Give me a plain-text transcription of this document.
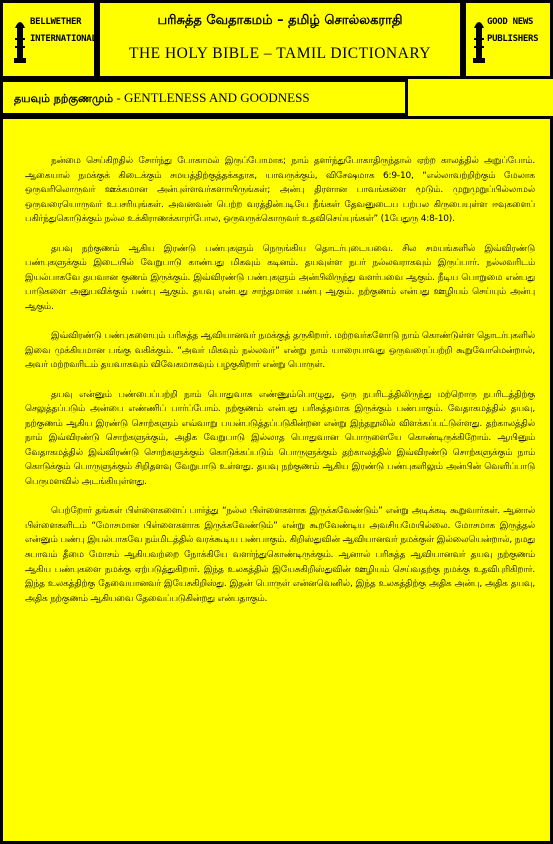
BELLWETHER
INTERNATIONAL
பரிசுத்த வேதாகமம் – தமிழ் சொல்லகராதி
THE HOLY BIBLE – TAMIL DICTIONARY
GOOD NEWS
PUBLISHERS
தயவும் நற்குணமும் - GENTLENESS AND GOODNESS

நன்மை செய்கிறதில் சோர்ந்து போகாமல் இருப்போமாக; நாம் தளர்ந்துபோகாதிருந்தால் ஏற்ற காலத்தில் அறுப்போம். ஆகையால் நமக்குக் கிடைக்கும் சமயத்திற்குத்தக்கதாக, யாவருக்கும், விசேஷமாக 6:9-10, “எல்லாவற்றிற்கும் மேலாக ஒருவரிலொருவர் ஊக்கமான அன்புள்ளவர்களாயிருங்கள்; அன்பு திரளான பாவங்களை மூடும். முறுமுறுப்பில்லாமல் ஒருவரையொருவர் உபசரியுங்கள். அவனவன் பெற்ற வரத்தின்படியே நீங்கள் தேவனுடைய பற்பல கிருபையுள்ள ஈவுகளைப் பகிர்ந்துகொடுக்கும் நல்ல உக்கிராணக்காரர்போல, ஒருவருக்கொருவர் உதவிசெய்யுங்கள்” (1பேதுரு 4:8-10).

தயவு நற்குணம் ஆகிய இரண்டு பண்புகளும் நெருங்கிய தொடர்புடையவை. சில சமயங்களில் இவ்விரண்டு பண்புகளுக்கும் இடையில் வேறுபாடு காண்பது மிகவும் கடினம். தயவுள்ள நபர் நல்லவராகவும் இருப்பார். நல்லவரிடம் இயல்பாகவே தயவான குணம் இருக்கும். இவ்விரண்டு பண்புகளும் அன்பிலிருந்து வளர்பவை ஆகும். நீடிய பொறுமை என்பது பாடுகளை அனுபவிக்கும் பண்பு ஆகும். தயவு என்பது சாந்தமான பண்பு ஆகும். நற்குணம் என்பது ஊழியம் செய்யும் அன்பு ஆகும்.

இவ்விரண்டு பண்புகளையும் பரிசுத்த ஆவியானவர் நமக்குத் தருகிறார். மற்றவர்களோடு நாம் கொண்டுள்ள தொடர்புகளில் இவை முக்கியமான பங்கு வகிக்கும். “அவர் மிகவும் நல்லவர்” என்று நாம் யாரையாவது ஒருவரைப்பற்றி கூறுவோமென்றால், அவர் மற்றவரிடம் தயவாகவும் விவேகமாகவும் பழகுகிறார் என்று பொருள்.

தயவு என்னும் பண்பைப்பற்றி நாம் பொதுவாக எண்ணும்பொழுது, ஒரு நபரிடத்திலிருந்து மற்றொரு நபரிடத்திற்கு செலுத்தப்படும் அன்பை எண்ணிப் பார்ப்போம். நற்குணம் என்பது பரிசுத்தமாக இருக்கும் பண்பாகும். வேதாகமத்தில் தயவு, நற்குணம் ஆகிய இரண்டு சொற்களும் எவ்வாறு பயன்படுத்தப்படுகின்றன என்று இந்தநூலில் விளக்கப்பட்டுள்ளது. தற்காலத்தில் நாம் இவ்விரண்டு சொற்களுக்கும், அதிக வேறுபாடு இல்லாத பொதுவான பொருளையே கொண்டிருக்கிறோம். ஆயினும் வேதாகமத்தில் இவ்விரண்டு சொற்களுக்கும் கொடுக்கப்படும் பொருளுக்கும் தற்காலத்தில் இவ்விரண்டு சொற்களுக்கும் நாம் கொடுக்கும் பொருளுக்கும் சிறிதளவு வேறுபாடு உள்ளது. தயவு நற்குணம் ஆகிய இரண்டு பண்புகளிலும் அன்பின் வெளிப்பாடு பெருமளவில் அடங்கியுள்ளது.

பெற்றோர் தங்கள் பிள்ளைகளைப் பார்த்து “நல்ல பிள்ளைகளாக இருக்கவேண்டும்” என்று அடிக்கடி கூறுவார்கள். ஆனால் பிள்ளைகளிடம் “மோசமான பிள்ளைகளாக இருக்கவேண்டும்” என்று கூறவேண்டிய அவசியமேயில்லை. மோசமாக இருத்தல் என்னும் பண்பு இயல்பாகவே நம்மிடத்தில் வரக்கூடிய பண்பாகும். கிறிஸ்துவின் ஆவியானவர் நமக்குள் இல்லையென்றால், நமது சுபாவம் தீமை மோசம் ஆகியவற்றை நோக்கியே வளர்ந்துகொண்டிருக்கும். ஆனால் பரிசுத்த ஆவியானவர் தயவு நற்குணம் ஆகிய பண்புகளை நமக்கு ஏற்படுத்துகிறார். இந்த உலகத்தில் இயேசுகிறிஸ்துவின் ஊழியம் செய்வதற்கு நமக்கு உதவிபுரிகிறார். இந்த உலகத்திற்கு தேவையானவர் இயேசுகிறிஸ்து. இதன் பொருள் என்னவெனில், இந்த உலகத்திற்கு அதிக அன்பு, அதிக தயவு, அதிக நற்குணம் ஆகியவை தேவைப்படுகின்றது என்பதாகும்.
